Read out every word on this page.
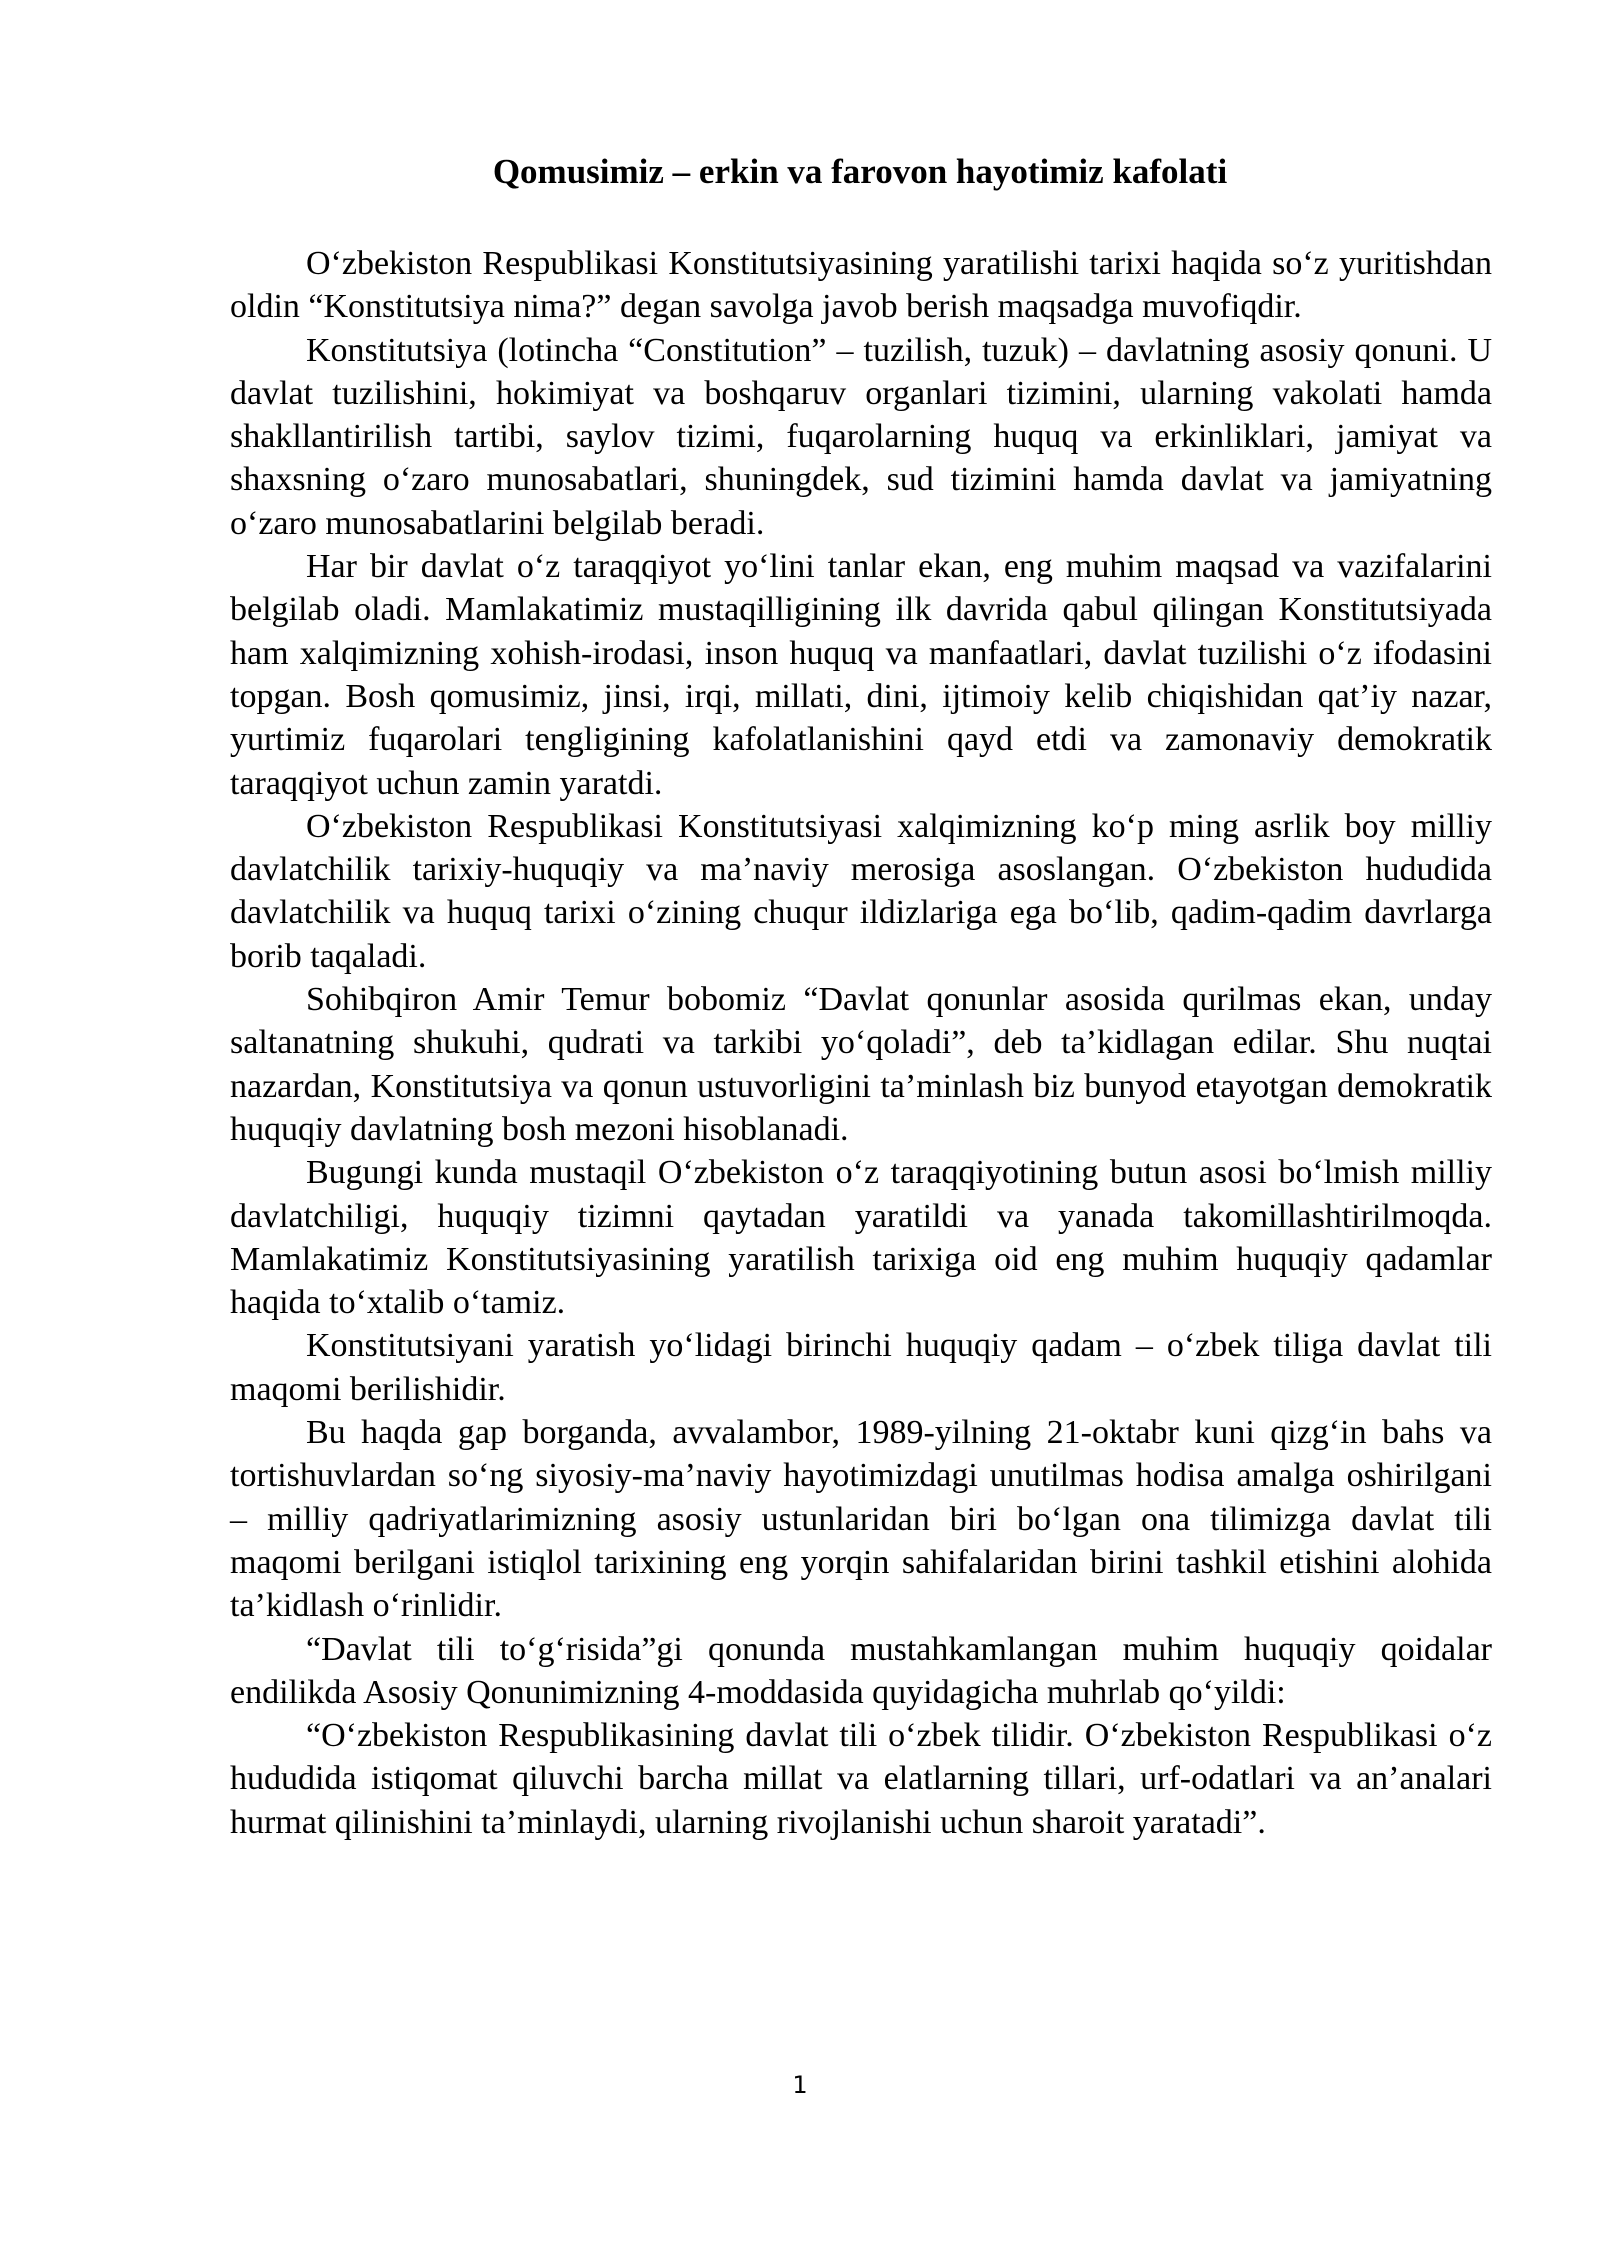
Qomusimiz – erkin va farovon hayotimiz kafolati

O‘zbekiston Respublikasi Konstitutsiyasining yaratilishi tarixi haqida so‘z yuritishdan oldin “Konstitutsiya nima?” degan savolga javob berish maqsadga muvofiqdir.

Konstitutsiya (lotincha “Constitution” – tuzilish, tuzuk) – davlatning asosiy qonuni. U davlat tuzilishini, hokimiyat va boshqaruv organlari tizimini, ularning vakolati hamda shakllantirilish tartibi, saylov tizimi, fuqarolarning huquq va erkinliklari, jamiyat va shaxsning o‘zaro munosabatlari, shuningdek, sud tizimini hamda davlat va jamiyatning o‘zaro munosabatlarini belgilab beradi.

Har bir davlat o‘z taraqqiyot yo‘lini tanlar ekan, eng muhim maqsad va vazifalarini belgilab oladi. Mamlakatimiz mustaqilligining ilk davrida qabul qilingan Konstitutsiyada ham xalqimizning xohish-irodasi, inson huquq va manfaatlari, davlat tuzilishi o‘z ifodasini topgan. Bosh qomusimiz, jinsi, irqi, millati, dini, ijtimoiy kelib chiqishidan qat’iy nazar, yurtimiz fuqarolari tengligining kafolatlanishini qayd etdi va zamonaviy demokratik taraqqiyot uchun zamin yaratdi.

O‘zbekiston Respublikasi Konstitutsiyasi xalqimizning ko‘p ming asrlik boy milliy davlatchilik tarixiy-huquqiy va ma’naviy merosiga asoslangan. O‘zbekiston hududida davlatchilik va huquq tarixi o‘zining chuqur ildizlariga ega bo‘lib, qadim-qadim davrlarga borib taqaladi.

Sohibqiron Amir Temur bobomiz “Davlat qonunlar asosida qurilmas ekan, unday saltanatning shukuhi, qudrati va tarkibi yo‘qoladi”, deb ta’kidlagan edilar. Shu nuqtai nazardan, Konstitutsiya va qonun ustuvorligini ta’minlash biz bunyod etayotgan demokratik huquqiy davlatning bosh mezoni hisoblanadi.

Bugungi kunda mustaqil O‘zbekiston o‘z taraqqiyotining butun asosi bo‘lmish milliy davlatchiligi, huquqiy tizimni qaytadan yaratildi va yanada takomillashtirilmoqda. Mamlakatimiz Konstitutsiyasining yaratilish tarixiga oid eng muhim huquqiy qadamlar haqida to‘xtalib o‘tamiz.

Konstitutsiyani yaratish yo‘lidagi birinchi huquqiy qadam – o‘zbek tiliga davlat tili maqomi berilishidir.

Bu haqda gap borganda, avvalambor, 1989-yilning 21-oktabr kuni qizg‘in bahs va tortishuvlardan so‘ng siyosiy-ma’naviy hayotimizdagi unutilmas hodisa amalga oshirilgani – milliy qadriyatlarimizning asosiy ustunlaridan biri bo‘lgan ona tilimizga davlat tili maqomi berilgani istiqlol tarixining eng yorqin sahifalaridan birini tashkil etishini alohida ta’kidlash o‘rinlidir.

“Davlat tili to‘g‘risida”gi qonunda mustahkamlangan muhim huquqiy qoidalar endilikda Asosiy Qonunimizning 4-moddasida quyidagicha muhrlab qo‘yildi:

“O‘zbekiston Respublikasining davlat tili o‘zbek tilidir. O‘zbekiston Respublikasi o‘z hududida istiqomat qiluvchi barcha millat va elatlarning tillari, urf-odatlari va an’analari hurmat qilinishini ta’minlaydi, ularning rivojlanishi uchun sharoit yaratadi”.

1
